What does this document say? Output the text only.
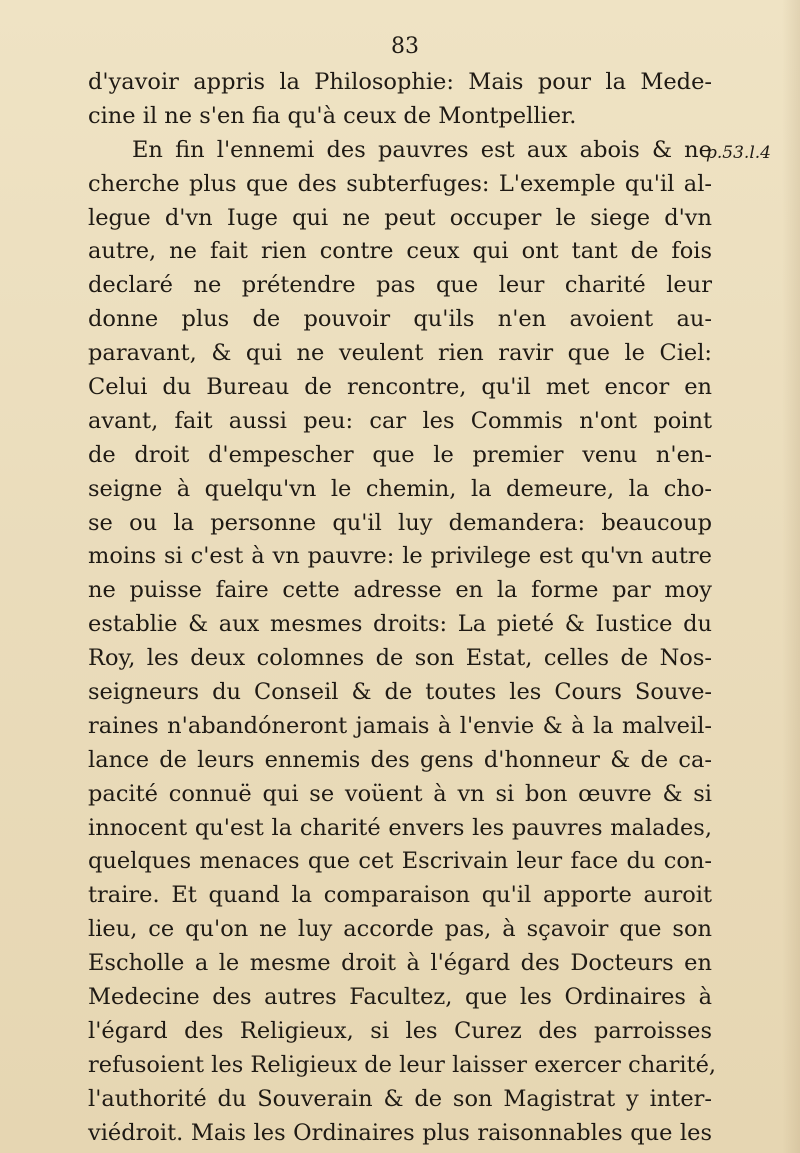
83
p.53.l.4
d'yavoir appris la Philosophie: Mais pour la Mede-
cine il ne s'en fia qu'à ceux de Montpellier.
En fin l'ennemi des pauvres est aux abois & ne
cherche plus que des subterfuges: L'exemple qu'il al-
legue d'vn Iuge qui ne peut occuper le siege d'vn
autre, ne fait rien contre ceux qui ont tant de fois
declaré ne prétendre pas que leur charité leur
donne plus de pouvoir qu'ils n'en avoient au-
paravant, & qui ne veulent rien ravir que le Ciel:
Celui du Bureau de rencontre, qu'il met encor en
avant, fait aussi peu: car les Commis n'ont point
de droit d'empescher que le premier venu n'en-
seigne à quelqu'vn le chemin, la demeure, la cho-
se ou la personne qu'il luy demandera: beaucoup
moins si c'est à vn pauvre: le privilege est qu'vn autre
ne puisse faire cette adresse en la forme par moy
establie & aux mesmes droits: La pieté & Iustice du
Roy, les deux colomnes de son Estat, celles de Nos-
seigneurs du Conseil & de toutes les Cours Souve-
raines n'abandóneront jamais à l'envie & à la malveil-
lance de leurs ennemis des gens d'honneur & de ca-
pacité connuë qui se voüent à vn si bon œuvre & si
innocent qu'est la charité envers les pauvres malades,
quelques menaces que cet Escrivain leur face du con-
traire. Et quand la comparaison qu'il apporte auroit
lieu, ce qu'on ne luy accorde pas, à sçavoir que son
Escholle a le mesme droit à l'égard des Docteurs en
Medecine des autres Facultez, que les Ordinaires à
l'égard des Religieux, si les Curez des parroisses
refusoient les Religieux de leur laisser exercer charité,
l'authorité du Souverain & de son Magistrat y inter-
viédroit. Mais les Ordinaires plus raisonnables que les
